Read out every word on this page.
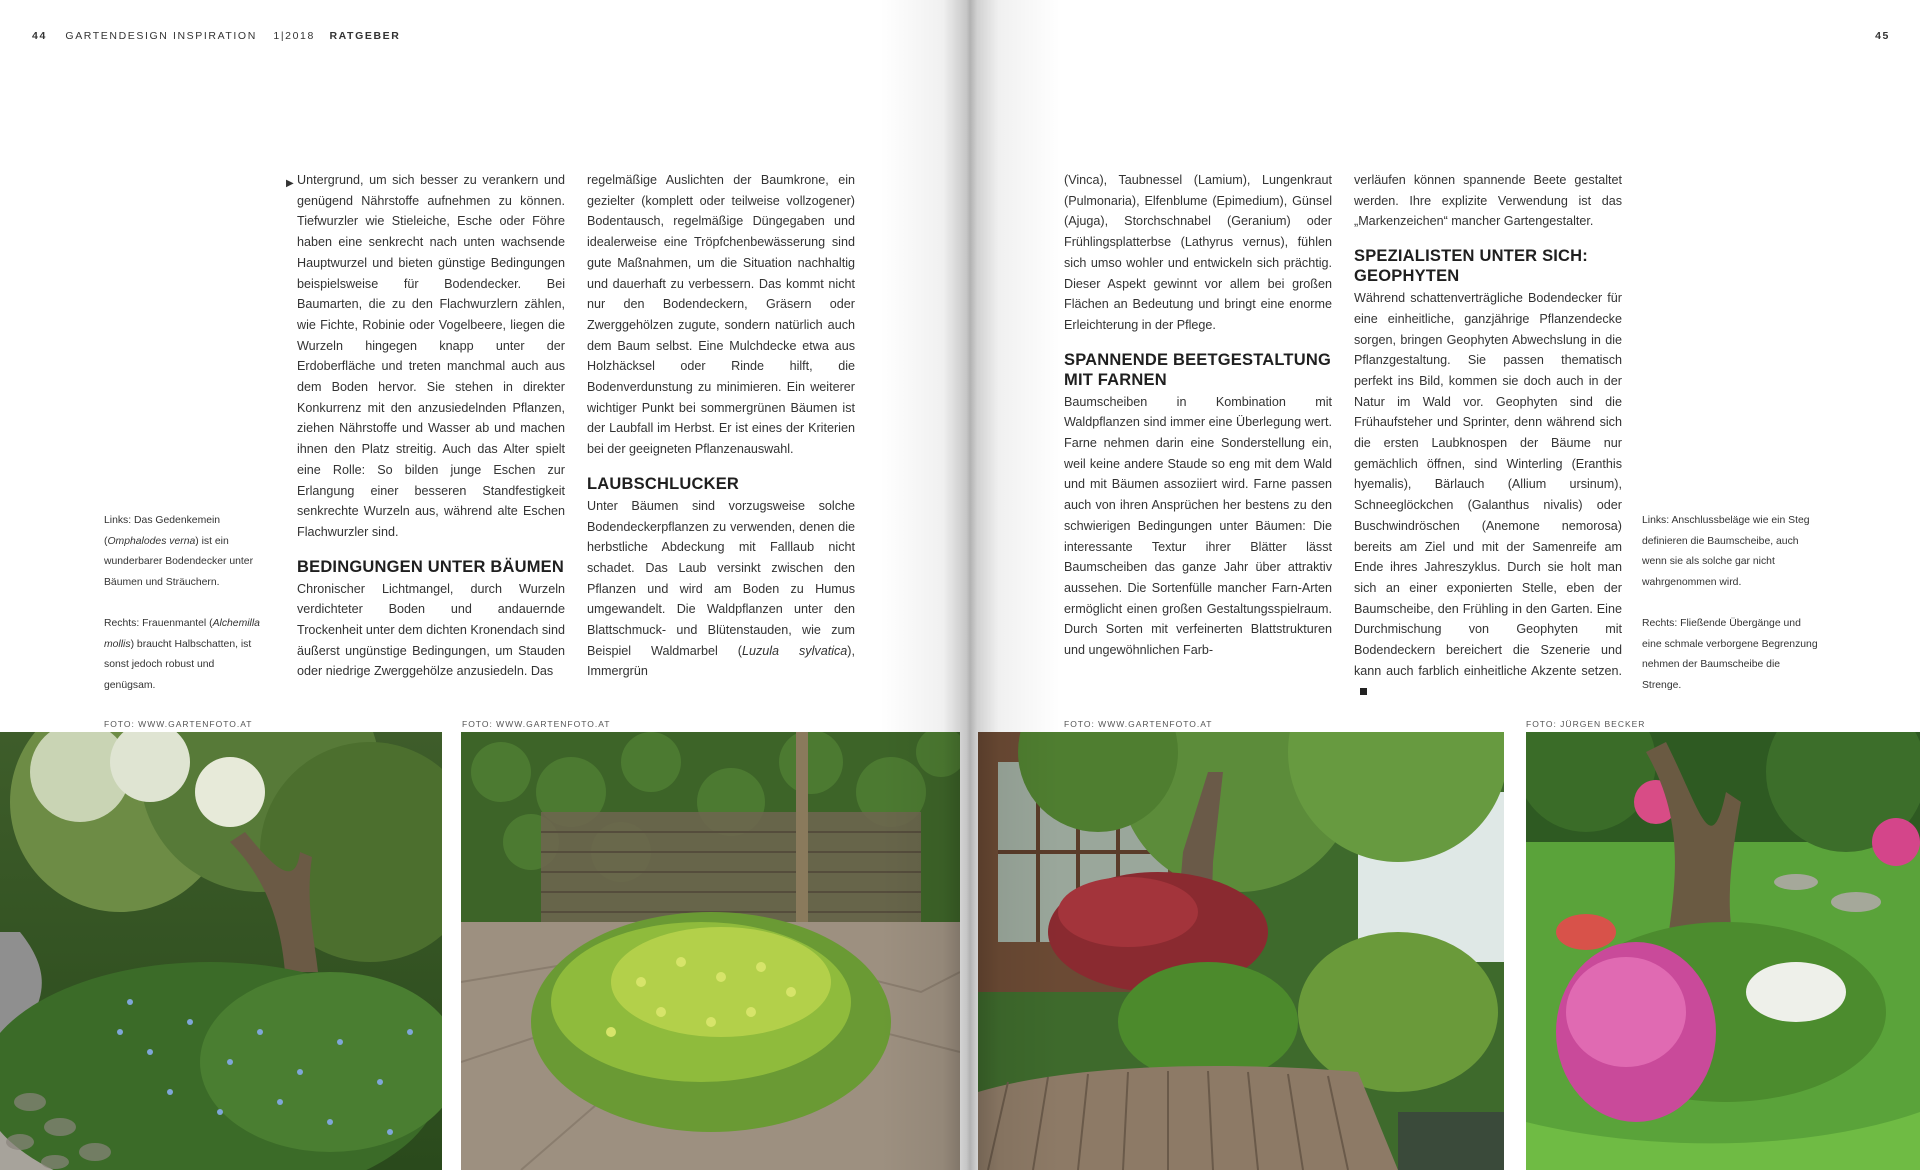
44 GARTENDESIGN INSPIRATION 1|2018 RATGEBER
▶ Untergrund, um sich besser zu verankern und genügend Nährstoffe aufnehmen zu können. Tiefwurzler wie Stieleiche, Esche oder Föhre haben eine senkrecht nach unten wachsende Hauptwurzel und bieten günstige Bedingungen beispielsweise für Bodendecker. Bei Baumarten, die zu den Flachwurzlern zählen, wie Fichte, Robinie oder Vogelbeere, liegen die Wurzeln hingegen knapp unter der Erdoberfläche und treten manchmal auch aus dem Boden hervor. Sie stehen in direkter Konkurrenz mit den anzusiedelnden Pflanzen, ziehen Nährstoffe und Wasser ab und machen ihnen den Platz streitig. Auch das Alter spielt eine Rolle: So bilden junge Eschen zur Erlangung einer besseren Standfestigkeit senkrechte Wurzeln aus, während alte Eschen Flachwurzler sind.

BEDINGUNGEN UNTER BÄUMEN

Chronischer Lichtmangel, durch Wurzeln verdichteter Boden und andauernde Trockenheit unter dem dichten Kronendach sind äußerst ungünstige Bedingungen, um Stauden oder niedrige Zwerggehölze anzusiedeln. Das

regelmäßige Auslichten der Baumkrone, ein gezielter (komplett oder teilweise vollzogener) Bodentausch, regelmäßige Düngegaben und idealerweise eine Tröpfchenbewässerung sind gute Maßnahmen, um die Situation nachhaltig und dauerhaft zu verbessern. Das kommt nicht nur den Bodendeckern, Gräsern oder Zwerggehölzen zugute, sondern natürlich auch dem Baum selbst. Eine Mulchdecke etwa aus Holzhäcksel oder Rinde hilft, die Bodenverdunstung zu minimieren. Ein weiterer wichtiger Punkt bei sommergrünen Bäumen ist der Laubfall im Herbst. Er ist eines der Kriterien bei der geeigneten Pflanzenauswahl.

LAUBSCHLUCKER

Unter Bäumen sind vorzugsweise solche Bodendeckerpflanzen zu verwenden, denen die herbstliche Abdeckung mit Falllaub nicht schadet. Das Laub versinkt zwischen den Pflanzen und wird am Boden zu Humus umgewandelt. Die Waldpflanzen unter den Blattschmuck- und Blütenstauden, wie zum Beispiel Waldmarbel (Luzula sylvatica), Immergrün

Links: Das Gedenkemein (Omphalodes verna) ist ein wunderbarer Bodendecker unter Bäumen und Sträuchern.

Rechts: Frauenmantel (Alchemilla mollis) braucht Halbschatten, ist sonst jedoch robust und genügsam.

FOTO: WWW.GARTENFOTO.AT	FOTO: WWW.GARTENFOTO.AT
45

(Vinca), Taubnessel (Lamium), Lungenkraut (Pulmonaria), Elfenblume (Epimedium), Günsel (Ajuga), Storchschnabel (Geranium) oder Frühlingsplatterbse (Lathyrus vernus), fühlen sich umso wohler und entwickeln sich prächtig. Dieser Aspekt gewinnt vor allem bei großen Flächen an Bedeutung und bringt eine enorme Erleichterung in der Pflege.

SPANNENDE BEETGESTALTUNG MIT FARNEN

Baumscheiben in Kombination mit Waldpflanzen sind immer eine Überlegung wert. Farne nehmen darin eine Sonderstellung ein, weil keine andere Staude so eng mit dem Wald und mit Bäumen assoziiert wird. Farne passen auch von ihren Ansprüchen her bestens zu den schwierigen Bedingungen unter Bäumen: Die interessante Textur ihrer Blätter lässt Baumscheiben das ganze Jahr über attraktiv aussehen. Die Sortenfülle mancher Farn-Arten ermöglicht einen großen Gestaltungsspielraum. Durch Sorten mit verfeinerten Blattstrukturen und ungewöhnlichen Farb-

verläufen können spannende Beete gestaltet werden. Ihre explizite Verwendung ist das „Markenzeichen“ mancher Gartengestalter.

SPEZIALISTEN UNTER SICH: GEOPHYTEN

Während schattenverträgliche Bodendecker für eine einheitliche, ganzjährige Pflanzendecke sorgen, bringen Geophyten Abwechslung in die Pflanzgestaltung. Sie passen thematisch perfekt ins Bild, kommen sie doch auch in der Natur im Wald vor. Geophyten sind die Frühaufsteher und Sprinter, denn während sich die ersten Laubknospen der Bäume nur gemächlich öffnen, sind Winterling (Eranthis hyemalis), Bärlauch (Allium ursinum), Schneeglöckchen (Galanthus nivalis) oder Buschwindröschen (Anemone nemorosa) bereits am Ziel und mit der Samenreife am Ende ihres Jahreszyklus. Durch sie holt man sich an einer exponierten Stelle, eben der Baumscheibe, den Frühling in den Garten. Eine Durchmischung von Geophyten mit Bodendeckern bereichert die Szenerie und kann auch farblich einheitliche Akzente setzen.

Links: Anschlussbeläge wie ein Steg definieren die Baumscheibe, auch wenn sie als solche gar nicht wahrgenommen wird.

Rechts: Fließende Übergänge und eine schmale verborgene Begrenzung nehmen der Baumscheibe die Strenge.

FOTO: WWW.GARTENFOTO.AT	FOTO: JÜRGEN BECKER
